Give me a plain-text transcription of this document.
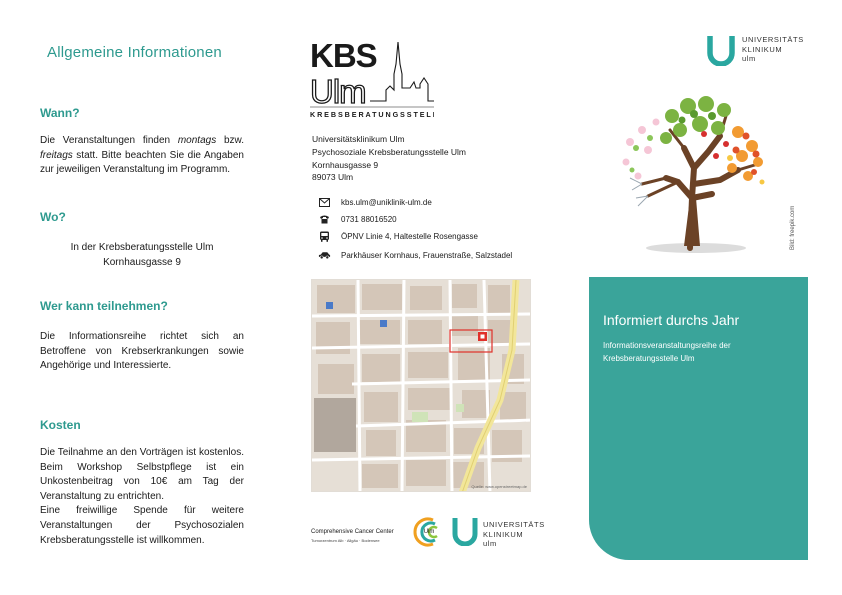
Allgemeine Informationen
Wann?

Die Veranstaltungen finden montags bzw. freitags statt. Bitte beachten Sie die Angaben zur jeweiligen Veranstaltung im Programm.

Wo?

In der Krebsberatungsstelle Ulm
Kornhausgasse 9

Wer kann teilnehmen?

Die Informationsreihe richtet sich an Betroffene von Krebserkrankungen sowie Angehörige und Interessierte.

Kosten

Die Teilnahme an den Vorträgen ist kostenlos. Beim Workshop Selbstpflege ist ein Unkostenbeitrag von 10€ am Tag der Veranstaltung zu entrichten.
Eine freiwillige Spende für weitere Veranstaltungen der Psychosozialen Krebsberatungsstelle ist willkommen.

KBS
Ulm
KREBSBERATUNGSSTELLE
Universitätsklinikum Ulm
Psychosoziale Krebsberatungsstelle Ulm
Kornhausgasse 9
89073 Ulm
kbs.ulm@uniklinik-ulm.de
0731 88016520
ÖPNV Linie 4, Haltestelle Rosengasse
Parkhäuser Kornhaus, Frauenstraße, Salzstadel
Quelle: www.openstreetmap.de
Comprehensive Cancer Center	Ulm
Tumorzentrum Alb · Allgäu · Bodensee
UNIVERSITÄTS
KLINIKUM
ulm
UNIVERSITÄTS
KLINIKUM
ulm
Bild: freepik.com
Informiert durchs Jahr
Informationsveranstaltungsreihe der Krebsberatungsstelle Ulm
